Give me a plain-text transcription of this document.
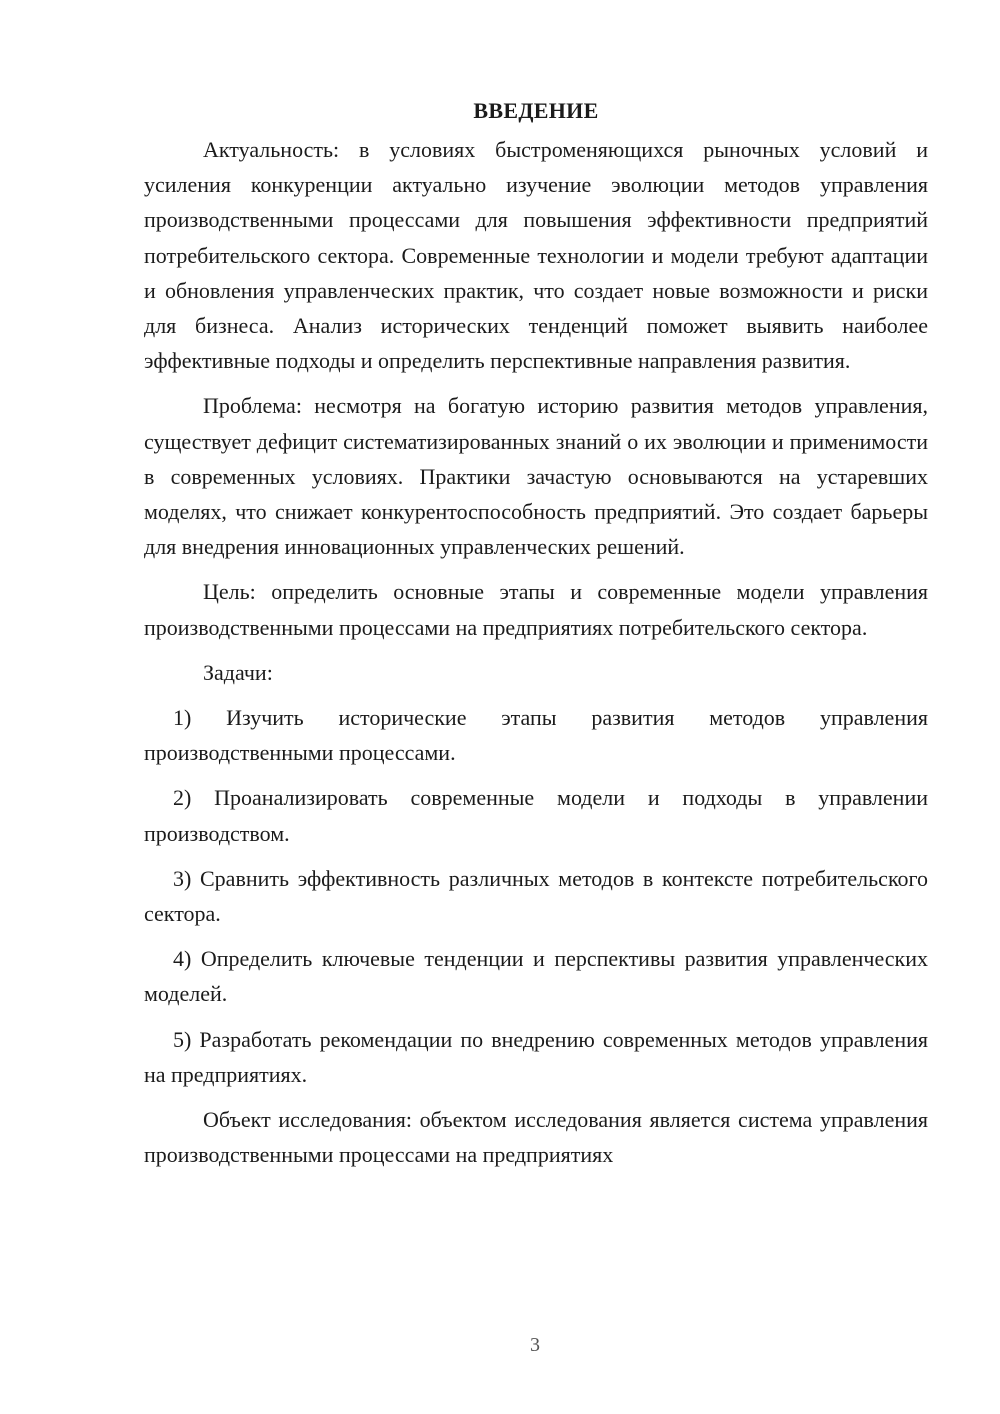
ВВЕДЕНИЕ

Актуальность: в условиях быстроменяющихся рыночных условий и усиления конкуренции актуально изучение эволюции методов управления производственными процессами для повышения эффективности предприятий потребительского сектора. Современные технологии и модели требуют адаптации и обновления управленческих практик, что создает новые возможности и риски для бизнеса. Анализ исторических тенденций поможет выявить наиболее эффективные подходы и определить перспективные направления развития.

Проблема: несмотря на богатую историю развития методов управления, существует дефицит систематизированных знаний о их эволюции и применимости в современных условиях. Практики зачастую основываются на устаревших моделях, что снижает конкурентоспособность предприятий. Это создает барьеры для внедрения инновационных управленческих решений.

Цель: определить основные этапы и современные модели управления производственными процессами на предприятиях потребительского сектора.

Задачи:

1) Изучить исторические этапы развития методов управления производственными процессами.
2) Проанализировать современные модели и подходы в управлении производством.
3) Сравнить эффективность различных методов в контексте потребительского сектора.
4) Определить ключевые тенденции и перспективы развития управленческих моделей.
5) Разработать рекомендации по внедрению современных методов управления на предприятиях.

Объект исследования: объектом исследования является система управления производственными процессами на предприятиях

3
